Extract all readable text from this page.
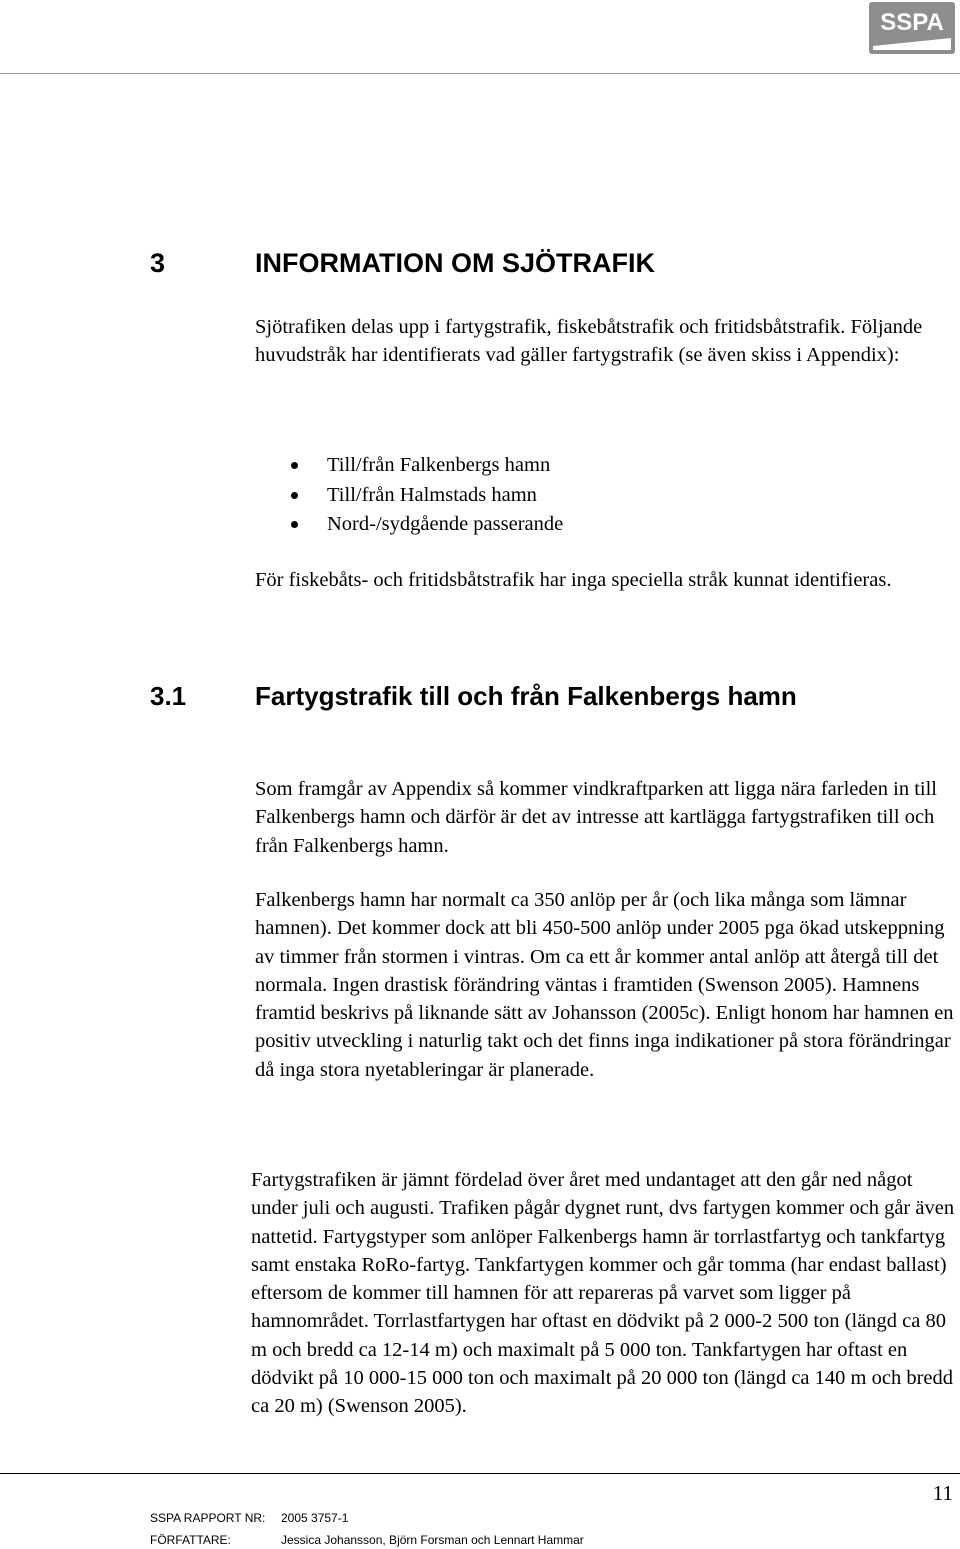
SSPA
3	INFORMATION OM SJÖTRAFIK

Sjötrafiken delas upp i fartygstrafik, fiskebåtstrafik och fritidsbåtstrafik. Följande huvudstråk har identifierats vad gäller fartygstrafik (se även skiss i Appendix):

Till/från Falkenbergs hamn
Till/från Halmstads hamn
Nord-/sydgående passerande

För fiskebåts- och fritidsbåtstrafik har inga speciella stråk kunnat identifieras.

3.1	Fartygstrafik till och från Falkenbergs hamn

Som framgår av Appendix så kommer vindkraftparken att ligga nära farleden in till Falkenbergs hamn och därför är det av intresse att kartlägga fartygstrafiken till och från Falkenbergs hamn.

Falkenbergs hamn har normalt ca 350 anlöp per år (och lika många som lämnar hamnen). Det kommer dock att bli 450-500 anlöp under 2005 pga ökad utskeppning av timmer från stormen i vintras. Om ca ett år kommer antal anlöp att återgå till det normala. Ingen drastisk förändring väntas i framtiden (Swenson 2005). Hamnens framtid beskrivs på liknande sätt av Johansson (2005c). Enligt honom har hamnen en positiv utveckling i naturlig takt och det finns inga indikationer på stora förändringar då inga stora nyetableringar är planerade.

Fartygstrafiken är jämnt fördelad över året med undantaget att den går ned något under juli och augusti. Trafiken pågår dygnet runt, dvs fartygen kommer och går även nattetid. Fartygstyper som anlöper Falkenbergs hamn är torrlastfartyg och tankfartyg samt enstaka RoRo-fartyg. Tankfartygen kommer och går tomma (har endast ballast) eftersom de kommer till hamnen för att repareras på varvet som ligger på hamnområdet. Torrlastfartygen har oftast en dödvikt på 2 000-2 500 ton (längd ca 80 m och bredd ca 12-14 m) och maximalt på 5 000 ton. Tankfartygen har oftast en dödvikt på 10 000-15 000 ton och maximalt på 20 000 ton (längd ca 140 m och bredd ca 20 m) (Swenson 2005).

11
SSPA RAPPORT NR: 2005 3757-1
FÖRFATTARE:	Jessica Johansson, Björn Forsman och Lennart Hammar
